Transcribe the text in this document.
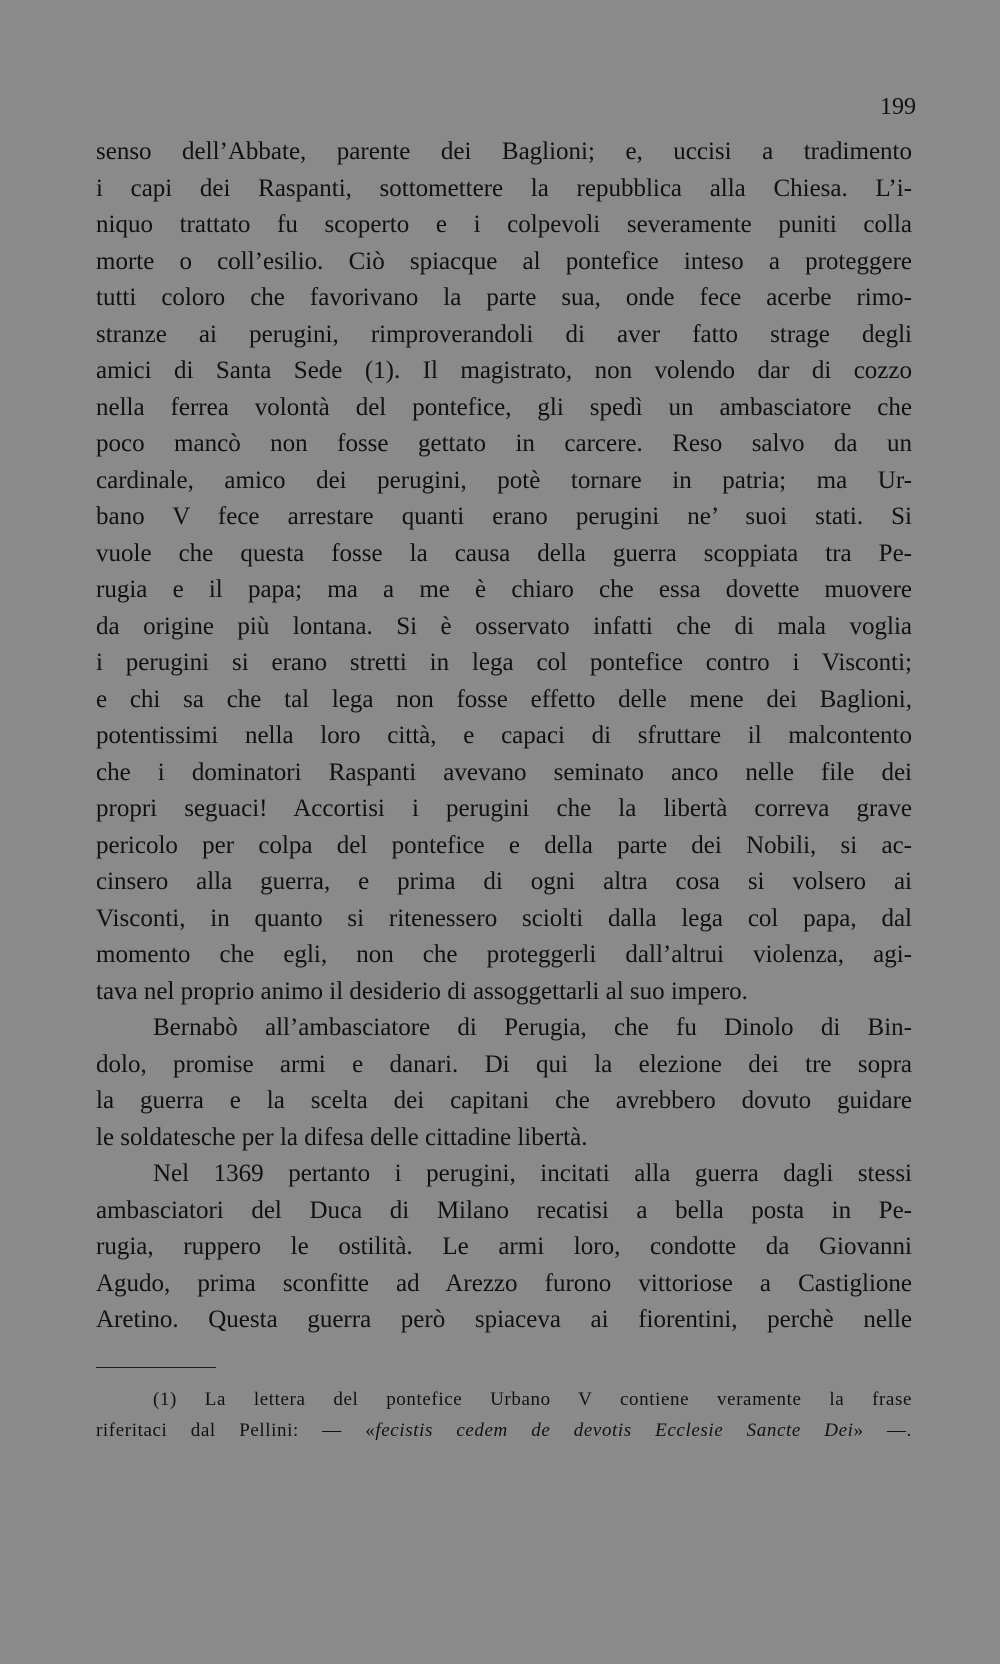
199

senso dell’Abbate, parente dei Baglioni; e, uccisi a tradimento
i capi dei Raspanti, sottomettere la repubblica alla Chiesa. L’i-
niquo trattato fu scoperto e i colpevoli severamente puniti colla
morte o coll’esilio. Ciò spiacque al pontefice inteso a proteggere
tutti coloro che favorivano la parte sua, onde fece acerbe rimo-
stranze ai perugini, rimproverandoli di aver fatto strage degli
amici di Santa Sede (1). Il magistrato, non volendo dar di cozzo
nella ferrea volontà del pontefice, gli spedì un ambasciatore che
poco mancò non fosse gettato in carcere. Reso salvo da un
cardinale, amico dei perugini, potè tornare in patria; ma Ur-
bano V fece arrestare quanti erano perugini ne’ suoi stati. Si
vuole che questa fosse la causa della guerra scoppiata tra Pe-
rugia e il papa; ma a me è chiaro che essa dovette muovere
da origine più lontana. Si è osservato infatti che di mala voglia
i perugini si erano stretti in lega col pontefice contro i Visconti;
e chi sa che tal lega non fosse effetto delle mene dei Baglioni,
potentissimi nella loro città, e capaci di sfruttare il malcontento
che i dominatori Raspanti avevano seminato anco nelle file dei
propri seguaci! Accortisi i perugini che la libertà correva grave
pericolo per colpa del pontefice e della parte dei Nobili, si ac-
cinsero alla guerra, e prima di ogni altra cosa si volsero ai
Visconti, in quanto si ritenessero sciolti dalla lega col papa, dal
momento che egli, non che proteggerli dall’altrui violenza, agi-
tava nel proprio animo il desiderio di assoggettarli al suo impero.
Bernabò all’ambasciatore di Perugia, che fu Dinolo di Bin-
dolo, promise armi e danari. Di qui la elezione dei tre sopra
la guerra e la scelta dei capitani che avrebbero dovuto guidare
le soldatesche per la difesa delle cittadine libertà.
Nel 1369 pertanto i perugini, incitati alla guerra dagli stessi
ambasciatori del Duca di Milano recatisi a bella posta in Pe-
rugia, ruppero le ostilità. Le armi loro, condotte da Giovanni
Agudo, prima sconfitte ad Arezzo furono vittoriose a Castiglione
Aretino. Questa guerra però spiaceva ai fiorentini, perchè nelle
(1) La lettera del pontefice Urbano V contiene veramente la frase
riferitaci dal Pellini: — «fecistis cedem de devotis Ecclesie Sancte Dei» —.
